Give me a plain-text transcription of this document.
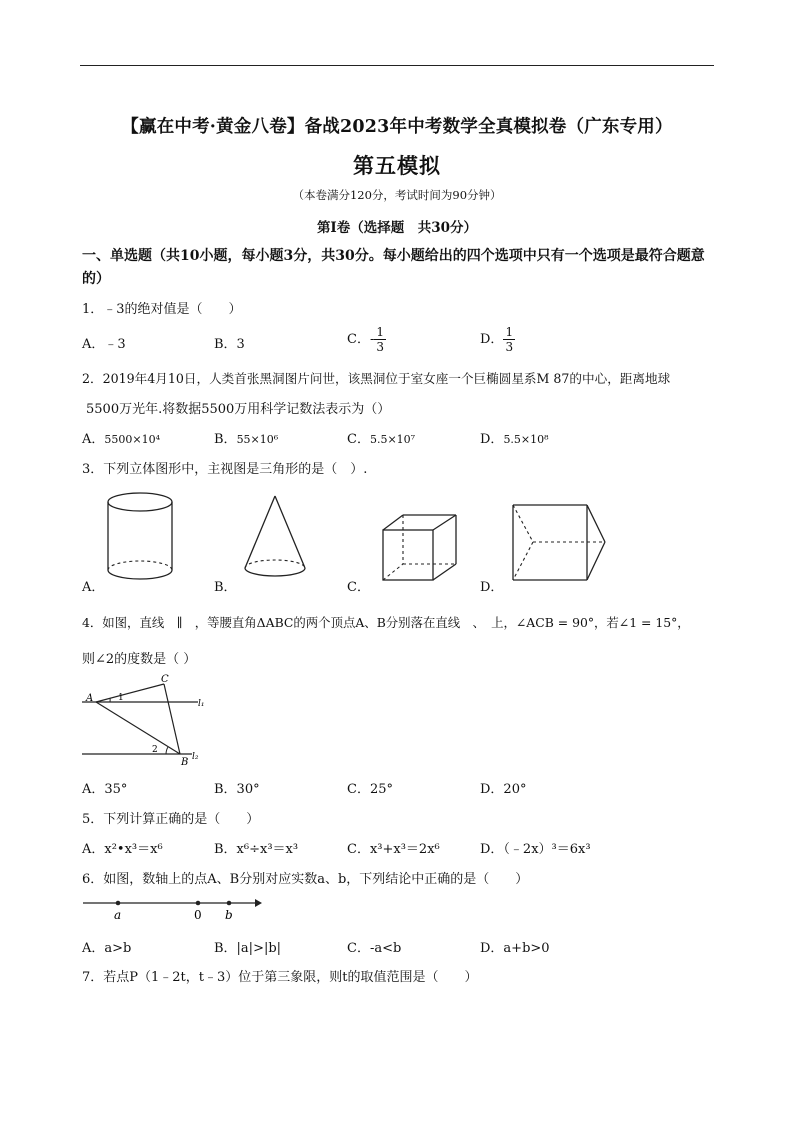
【赢在中考·黄金八卷】备战2023年中考数学全真模拟卷（广东专用）
第五模拟
（本卷满分120分，考试时间为90分钟）
第Ⅰ卷（选择题　共30分）
一、单选题（共10小题，每小题3分，共30分。每小题给出的四个选项中只有一个选项是最符合题意的）
1．﹣3的绝对值是（　　）
A．﹣3	B．3	C．- $\frac{1}{3}$	D． $\frac{1}{3}$
2．2019年4月10日，人类首张黑洞图片问世，该黑洞位于室女座一个巨椭圆星系M 87的中心，距离地球
5500万光年.将数据5500万用科学记数法表示为（）
A．5500×10⁴	B．55×10⁶	C．5.5×10⁷	D．5.5×10⁸
3．下列立体图形中，主视图是三角形的是（　）.
A．	B．	C．	D．
4．如图，直线　∥　，等腰直角ΔABC的两个顶点A、B分别落在直线　、　上，∠ACB = 90°，若∠1 = 15°，
则∠2的度数是（ ）
A
B
C
1
2
l₁
l₂
A．35°	B．30°	C．25°	D．20°
5．下列计算正确的是（　　）
A．x²•x³＝x⁶	B．x⁶÷x³＝x³	C．x³+x³＝2x⁶	D．（﹣2x）³＝6x³
6．如图，数轴上的点A、B分别对应实数a、b，下列结论中正确的是（　　）
a	0 b
A．a>b	B．|a|>|b|	C．-a<b	D．a+b>0
7．若点P（1﹣2t，t﹣3）位于第三象限，则t的取值范围是（　　）
